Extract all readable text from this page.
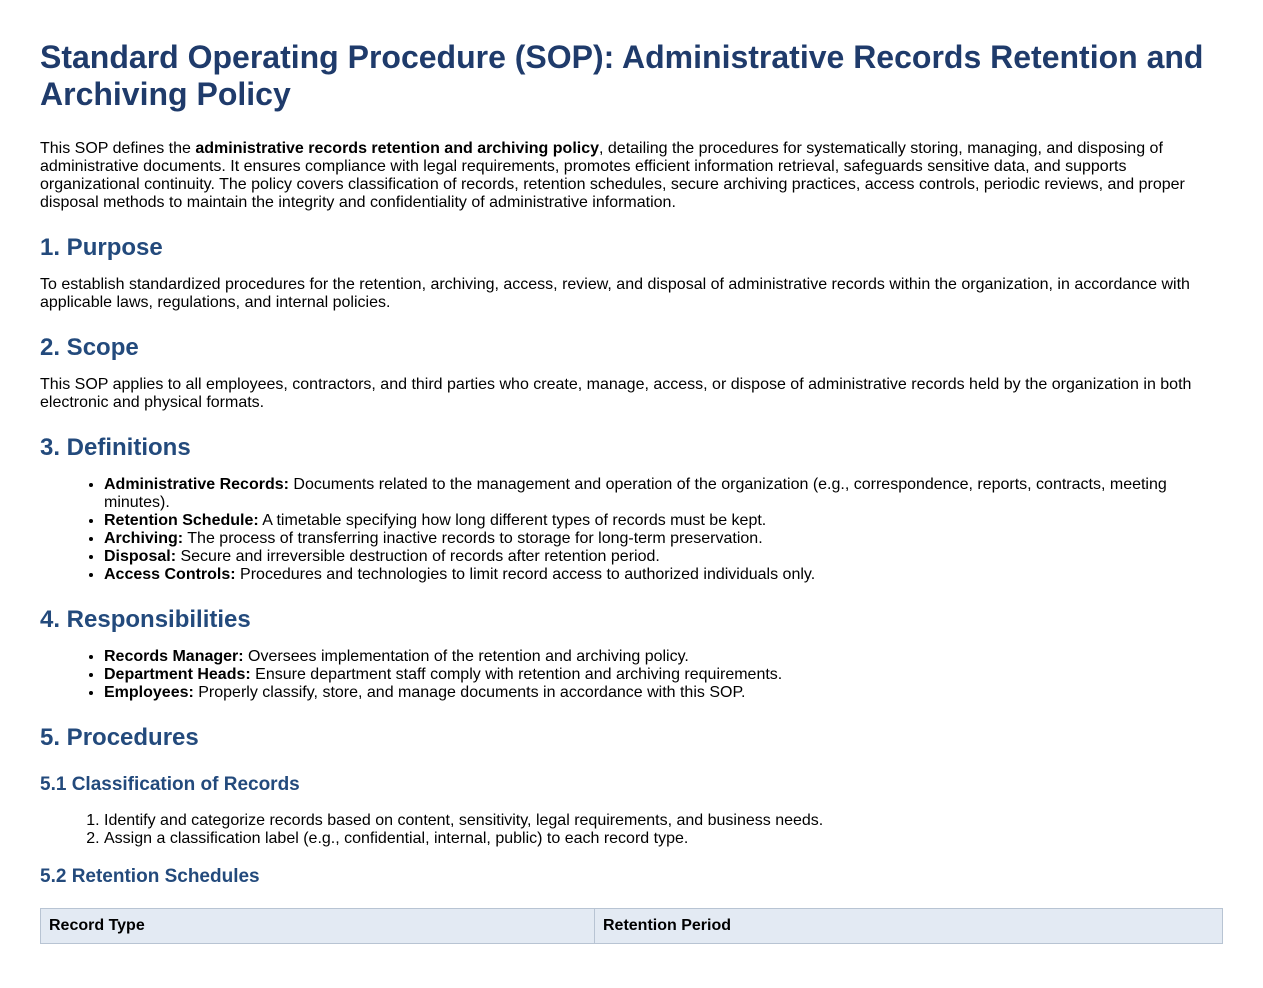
Standard Operating Procedure (SOP): Administrative Records Retention and Archiving Policy

This SOP defines the administrative records retention and archiving policy, detailing the procedures for systematically storing, managing, and disposing of administrative documents. It ensures compliance with legal requirements, promotes efficient information retrieval, safeguards sensitive data, and supports organizational continuity. The policy covers classification of records, retention schedules, secure archiving practices, access controls, periodic reviews, and proper disposal methods to maintain the integrity and confidentiality of administrative information.

1. Purpose

To establish standardized procedures for the retention, archiving, access, review, and disposal of administrative records within the organization, in accordance with applicable laws, regulations, and internal policies.

2. Scope

This SOP applies to all employees, contractors, and third parties who create, manage, access, or dispose of administrative records held by the organization in both electronic and physical formats.

3. Definitions
• Administrative Records: Documents related to the management and operation of the organization (e.g., correspondence, reports, contracts, meeting minutes).
• Retention Schedule: A timetable specifying how long different types of records must be kept.
• Archiving: The process of transferring inactive records to storage for long-term preservation.
• Disposal: Secure and irreversible destruction of records after retention period.
• Access Controls: Procedures and technologies to limit record access to authorized individuals only.
4. Responsibilities
• Records Manager: Oversees implementation of the retention and archiving policy.
• Department Heads: Ensure department staff comply with retention and archiving requirements.
• Employees: Properly classify, store, and manage documents in accordance with this SOP.
5. Procedures
5.1 Classification of Records
1. Identify and categorize records based on content, sensitivity, legal requirements, and business needs.
2. Assign a classification label (e.g., confidential, internal, public) to each record type.
5.2 Retention Schedules
Record Type	Retention Period
